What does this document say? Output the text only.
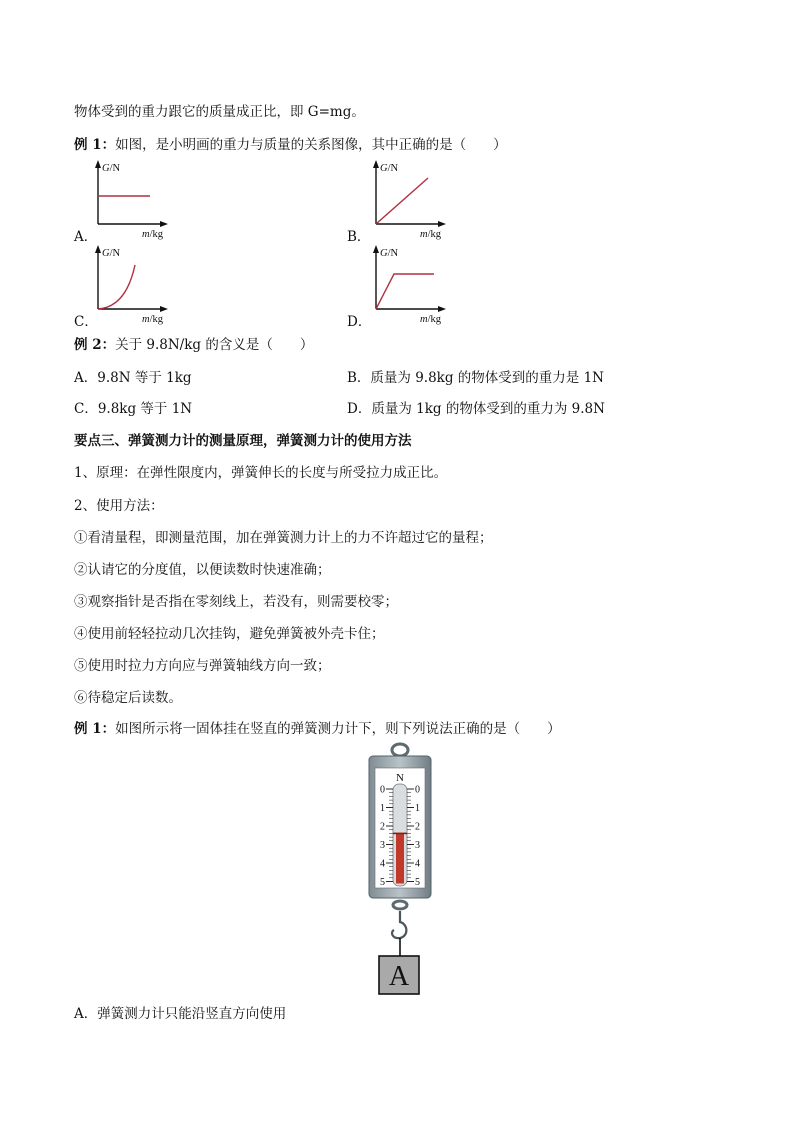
物体受到的重力跟它的质量成正比，即 G=mg。
例 1：如图，是小明画的重力与质量的关系图像，其中正确的是（　　）
A．
G/N
m/kg	B．
G/N
m/kg
C．
G/N
m/kg	D．
G/N
m/kg
例 2：关于 9.8N/kg 的含义是（　　）
A．9.8N 等于 1kg	B．质量为 9.8kg 的物体受到的重力是 1N
C．9.8kg 等于 1N	D．质量为 1kg 的物体受到的重力为 9.8N
要点三、弹簧测力计的测量原理，弹簧测力计的使用方法
1、原理：在弹性限度内，弹簧伸长的长度与所受拉力成正比。
2、使用方法：
①看清量程，即测量范围，加在弹簧测力计上的力不许超过它的量程；
②认请它的分度值，以便读数时快速准确；
③观察指针是否指在零刻线上，若没有，则需要校零；
④使用前轻轻拉动几次挂钩，避免弹簧被外壳卡住；
⑤使用时拉力方向应与弹簧轴线方向一致；
⑥待稳定后读数。
例 1：如图所示将一固体挂在竖直的弹簧测力计下，则下列说法正确的是（　　）
N
0	0
1	1
2	2
3	3
4	4
5	5
A
A．弹簧测力计只能沿竖直方向使用
